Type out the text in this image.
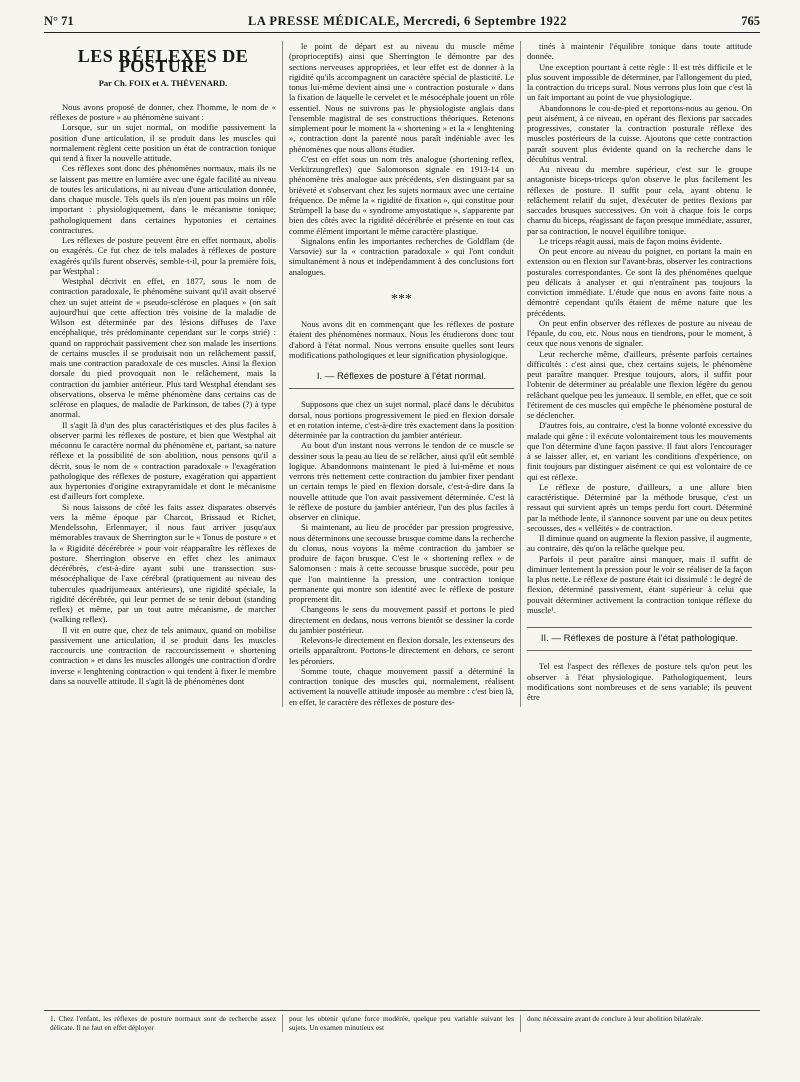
N° 71	LA PRESSE MÉDICALE, Mercredi, 6 Septembre 1922	765
LES RÉFLEXES DE POSTURE
Par Ch. FOIX et A. THÉVENARD.

Nous avons proposé de donner, chez l'homme, le nom de « réflexes de posture » au phénomène suivant :

Lorsque, sur un sujet normal, on modifie passivement la position d'une articulation, il se produit dans les muscles qui normalement règlent cette position un état de contraction tonique qui tend à fixer la nouvelle attitude.

Ces réflexes sont donc des phénomènes normaux, mais ils ne se laissent pas mettre en lumière avec une égale facilité au niveau de toutes les articulations, ni au niveau d'une articulation donnée, dans chaque muscle. Tels quels ils n'en jouent pas moins un rôle important : physiologiquement, dans le mécanisme tonique; pathologiquement dans certaines hypotonies et certaines contractures.

Les réflexes de posture peuvent être en effet normaux, abolis ou exagérés. Ce fut chez de tels malades à réflexes de posture exagérés qu'ils furent observés, semble-t-il, pour la première fois, par Westphal :

Westphal décrivit en effet, en 1877, sous le nom de contraction paradoxale, le phénomène suivant qu'il avait observé chez un sujet atteint de « pseudo-sclérose en plaques » (on sait aujourd'hui que cette affection très voisine de la maladie de Wilson est déterminée par des lésions diffuses de l'axe encéphalique, très prédominante cependant sur le corps strié) : quand on rapprochait passivement chez son malade les insertions de certains muscles il se produisait non un relâchement passif, mais une contraction paradoxale de ces muscles. Ainsi la flexion dorsale du pied provoquait non le relâchement, mais la contraction du jambier antérieur. Plus tard Westphal étendant ses observations, observa le même phénomène dans certains cas de sclérose en plaques, de maladie de Parkinson, de tabes (?) à type anormal.

Il s'agit là d'un des plus caractéristiques et des plus faciles à observer parmi les réflexes de posture, et bien que Westphal ait méconnu le caractère normal du phénomène et, partant, sa nature réflexe et la possibilité de son abolition, nous pensons qu'il a décrit, sous le nom de « contraction paradoxale » l'exagération pathologique des réflexes de posture, exagération qui appartient aux hypertonies d'origine extrapyramidale et dont le mécanisme est d'ailleurs fort complexe.

Si nous laissons de côté les faits assez disparates observés vers la même époque par Charcot, Brissaud et Richet, Mendelssohn, Erlenmayer, il nous faut arriver jusqu'aux mémorables travaux de Sherrington sur le « Tonus de posture » et la « Rigidité décérébrée » pour voir réapparaître les réflexes de posture. Sherrington observe en effet chez les animaux décérébrés, c'est-à-dire ayant subi une transsection sus-mésocéphalique de l'axe cérébral (pratiquement au niveau des tubercules quadrijumeaux antérieurs), une rigidité spéciale, la rigidité décérébrée, qui leur permet de se tenir debout (standing reflex) et même, par un tout autre mécanisme, de marcher (walking reflex).

Il vit en outre que, chez de tels animaux, quand on mobilise passivement une articulation, il se produit dans les muscles raccourcis une contraction de raccourcissement « shortening contraction » et dans les muscles allongés une contraction d'ordre inverse « lenghtening contraction » qui tendent à fixer le membre dans sa nouvelle attitude. Il s'agit là de phénomènes dont

le point de départ est au niveau du muscle même (proprioceptifs) ainsi que Sherrington le démontre par des sections nerveuses appropriées, et leur effet est de donner à la rigidité qu'ils accompagnent un caractère spécial de plasticité. Le tonus lui-même devient ainsi une « contraction posturale » dans la fixation de laquelle le cervelet et le mésocéphale jouent un rôle essentiel. Nous ne suivrons pas le physiologiste anglais dans l'ensemble magistral de ses constructions théoriques. Retenons simplement pour le moment la « shortening » et la « lenghtening », contraction dont la parenté nous paraît indéniable avec les phénomènes que nous allons étudier.

C'est en effet sous un nom très analogue (shortening reflex, Verkürzungreflex) que Salomonson signale en 1913-14 un phénomène très analogue aux précédents, s'en distinguant par sa brièveté et s'observant chez les sujets normaux avec une certaine fréquence. De même la « rigidité de fixation », qui constitue pour Strümpell la base du « syndrome amyostatique », s'apparente par bien des côtés avec la rigidité décérébrée et présente en tout cas comme élément important le même caractère plastique.

Signalons enfin les importantes recherches de Goldflam (de Varsovie) sur la « contraction paradoxale » qui l'ont conduit simultanément à nous et indépendamment à des conclusions fort analogues.

***

Nous avons dit en commençant que les réflexes de posture étaient des phénomènes normaux. Nous les étudierons donc tout d'abord à l'état normal. Nous verrons ensuite quelles sont leurs modifications pathologiques et leur signification physiologique.

I. — Réflexes de posture à l'état normal.

Supposons que chez un sujet normal, placé dans le décubitus dorsal, nous portions progressivement le pied en flexion dorsale et en rotation interne, c'est-à-dire très exactement dans la position déterminée par la contraction du jambier antérieur.

Au bout d'un instant nous verrons le tendon de ce muscle se dessiner sous la peau au lieu de se relâcher, ainsi qu'il eût semblé logique. Abandonnons maintenant le pied à lui-même et nous verrons très nettement cette contraction du jambier fixer pendant un certain temps le pied en flexion dorsale, c'est-à-dire dans la nouvelle attitude que l'on avait passivement déterminée. C'est là le réflexe de posture du jambier antérieur, l'un des plus faciles à observer en clinique.

Si maintenant, au lieu de procéder par pression progressive, nous déterminons une secousse brusque comme dans la recherche du clonus, nous voyons la même contraction du jambier se produire de façon brusque. C'est le « shortening reflex » de Salomonsen : mais à cette secousse brusque succède, pour peu que l'on maintienne la pression, une contraction tonique permanente qui montre son identité avec le réflexe de posture proprement dit.

Changeons le sens du mouvement passif et portons le pied directement en dedans, nous verrons bientôt se dessiner la corde du jambier postérieur.

Relevons-le directement en flexion dorsale, les extenseurs des orteils apparaîtront. Portons-le directement en dehors, ce seront les péroniers.

Somme toute, chaque mouvement passif a déterminé la contraction tonique des muscles qui, normalement, réalisent activement la nouvelle attitude imposée au membre : c'est bien là, en effet, le caractère des réflexes de posture des-

tinés à maintenir l'équilibre tonique dans toute attitude donnée.

Une exception pourtant à cette règle : Il est très difficile et le plus souvent impossible de déterminer, par l'allongement du pied, la contraction du triceps sural. Nous verrons plus loin que c'est là un fait important au point de vue physiologique.

Abandonnons le cou-de-pied et reportons-nous au genou. On peut aisément, à ce niveau, en opérant des flexions par saccades progressives, constater la contraction posturale réflexe des muscles postérieurs de la cuisse. Ajoutons que cette contraction paraît souvent plus évidente quand on la recherche dans le décubitus ventral.

Au niveau du membre supérieur, c'est sur le groupe antagoniste biceps-triceps qu'on observe le plus facilement les réflexes de posture. Il suffit pour cela, ayant obtenu le relâchement relatif du sujet, d'exécuter de petites flexions par saccades brusques successives. On voit à chaque fois le corps charnu du biceps, réagissant de façon presque immédiate, assurer, par sa contraction, le nouvel équilibre tonique.

Le triceps réagit aussi, mais de façon moins évidente.

On peut encore au niveau du poignet, en portant la main en extension ou en flexion sur l'avant-bras, observer les contractions posturales correspondantes. Ce sont là des phénomènes quelque peu délicats à analyser et qui n'entraînent pas toujours la conviction immédiate. L'étude que nous en avons faite nous a démontré cependant qu'ils étaient de même nature que les précédents.

On peut enfin observer des réflexes de posture au niveau de l'épaule, du cou, etc. Nous nous en tiendrons, pour le moment, à ceux que nous venons de signaler.

Leur recherche même, d'ailleurs, présente parfois certaines difficultés : c'est ainsi que, chez certains sujets, le phénomène peut paraître manquer. Presque toujours, alors, il suffit pour l'obtenir de déterminer au préalable une flexion légère du genou relâchant quelque peu les jumeaux. Il semble, en effet, que ce soit l'étirement de ces muscles qui empêche le phénomène postural de se déclencher.

D'autres fois, au contraire, c'est la bonne volonté excessive du malade qui gêne : il exécute volontairement tous les mouvements que l'on détermine d'une façon passive. Il faut alors l'encourager à se laisser aller, et, en variant les conditions d'expérience, on finit toujours par distinguer aisément ce qui est volontaire de ce qui est réflexe.

Le réflexe de posture, d'ailleurs, a une allure bien caractéristique. Déterminé par la méthode brusque, c'est un ressaut qui survient après un temps perdu fort court. Déterminé par la méthode lente, il s'annonce souvent par une ou deux petites secousses, des « velléités » de contraction.

Il diminue quand on augmente la flexion passive, il augmente, au contraire, dès qu'on la relâche quelque peu.

Parfois il peut paraître ainsi manquer, mais il suffit de diminuer lentement la pression pour le voir se réaliser de la façon la plus nette. Le réflexe de posture était ici dissimulé : le degré de flexion, déterminé passivement, étant supérieur à celui que pouvait déterminer activement la contraction tonique réflexe du muscle¹.

II. — Réflexes de posture à l'état pathologique.

Tel est l'aspect des réflexes de posture tels qu'on peut les observer à l'état physiologique. Pathologiquement, leurs modifications sont nombreuses et de sens variable; ils peuvent être

1. Chez l'enfant, les réflexes de posture normaux sont de recherche assez délicate. Il ne faut en effet déployer
pour les obtenir qu'une force modérée, quelque peu variable suivant les sujets. Un examen minutieux est
donc nécessaire avant de conclure à leur abolition bilatérale.
